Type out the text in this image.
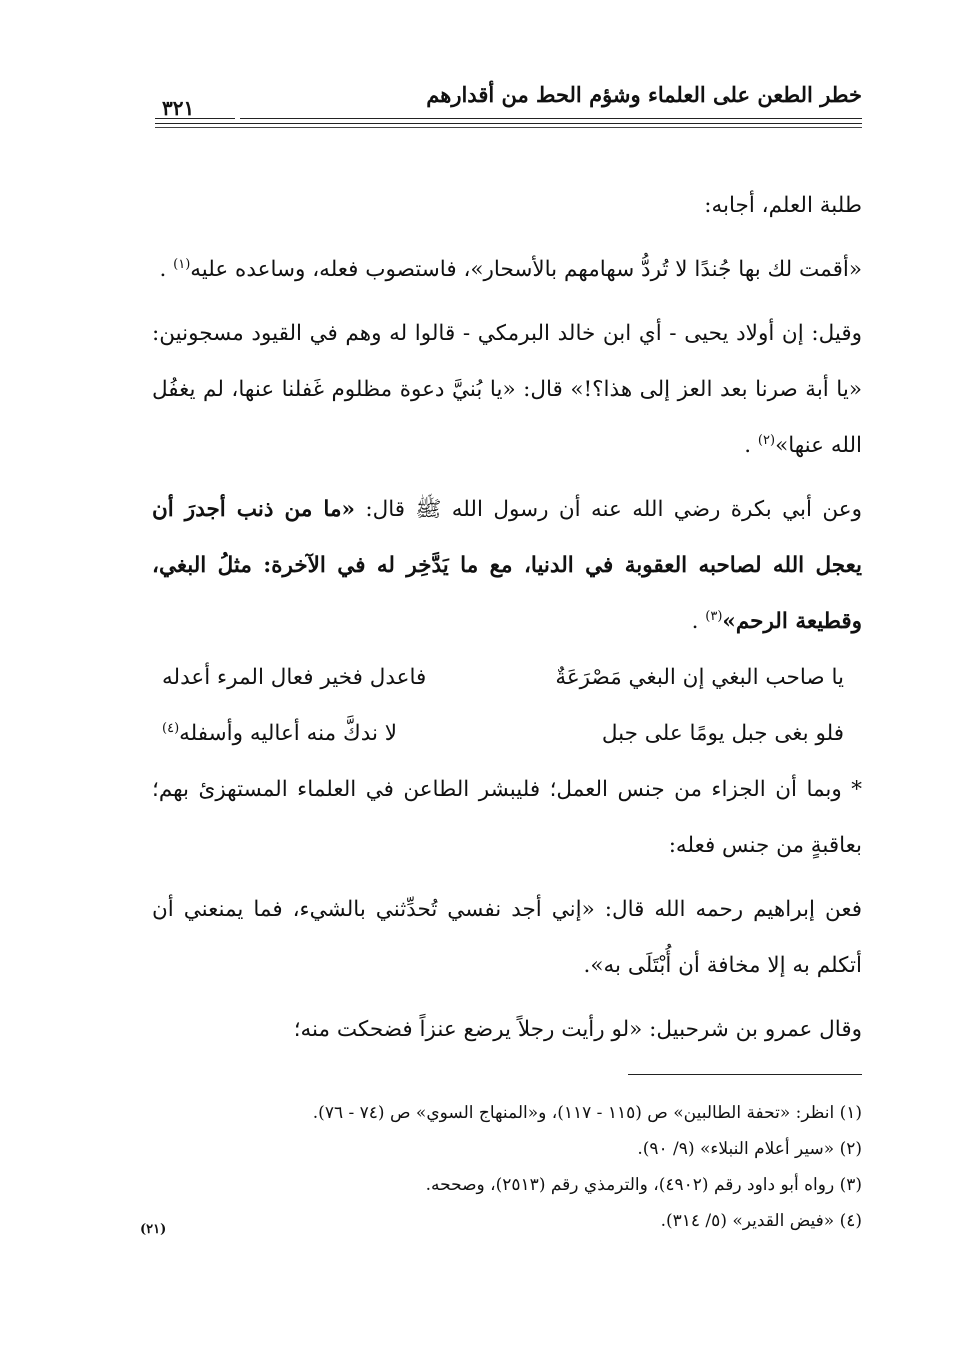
خطر الطعن على العلماء وشؤم الحط من أقدارهم
٣٢١

طلبة العلم، أجابه:

«أقمت لك بها جُندًا لا تُردُّ سهامهم بالأسحار»، فاستصوب فعله، وساعده عليه$^{(١)}$ .

وقيل: إن أولاد يحيى - أي ابن خالد البرمكي - قالوا له وهم في القيود مسجونين: «يا أبة صرنا بعد العز إلى هذا؟!» قال: «يا بُنيَّ دعوة مظلوم غَفلنا عنها، لم يغفُل الله عنها»$^{(٢)}$ .

وعن أبي بكرة رضي الله عنه أن رسول الله ﷺ قال: «ما من ذنب أجدرَ أن يعجل الله لصاحبه العقوبة في الدنيا، مع ما يَدَّخِر له في الآخرة: مثلُ البغي، وقطيعة الرحم»$^{(٣)}$ .

يا صاحب البغي إن البغي مَصْرَعَةٌ
فاعدل فخير فعال المرء أعدله
فلو بغى جبل يومًا على جبل
لا ندكَّ منه أعاليه وأسفله$^{(٤)}$

* وبما أن الجزاء من جنس العمل؛ فليبشر الطاعن في العلماء المستهزئ بهم؛ بعاقبةٍ من جنس فعله:

فعن إبراهيم رحمه الله قال: «إني أجد نفسي تُحدِّثني بالشيء، فما يمنعني أن أتكلم به إلا مخافة أن أُبْتَلَى به».

وقال عمرو بن شرحبيل: «لو رأيت رجلاً يرضع عنزاً فضحكت منه؛

(١) انظر: «تحفة الطالبين» ص (١١٥ - ١١٧)، و«المنهاج السوي» ص (٧٤ - ٧٦).
(٢) «سير أعلام النبلاء» (٩/ ٩٠).
(٣) رواه أبو داود رقم (٤٩٠٢)، والترمذي رقم (٢٥١٣)، وصححه.
(٤) «فيض القدير» (٥/ ٣١٤).
(٢١)
